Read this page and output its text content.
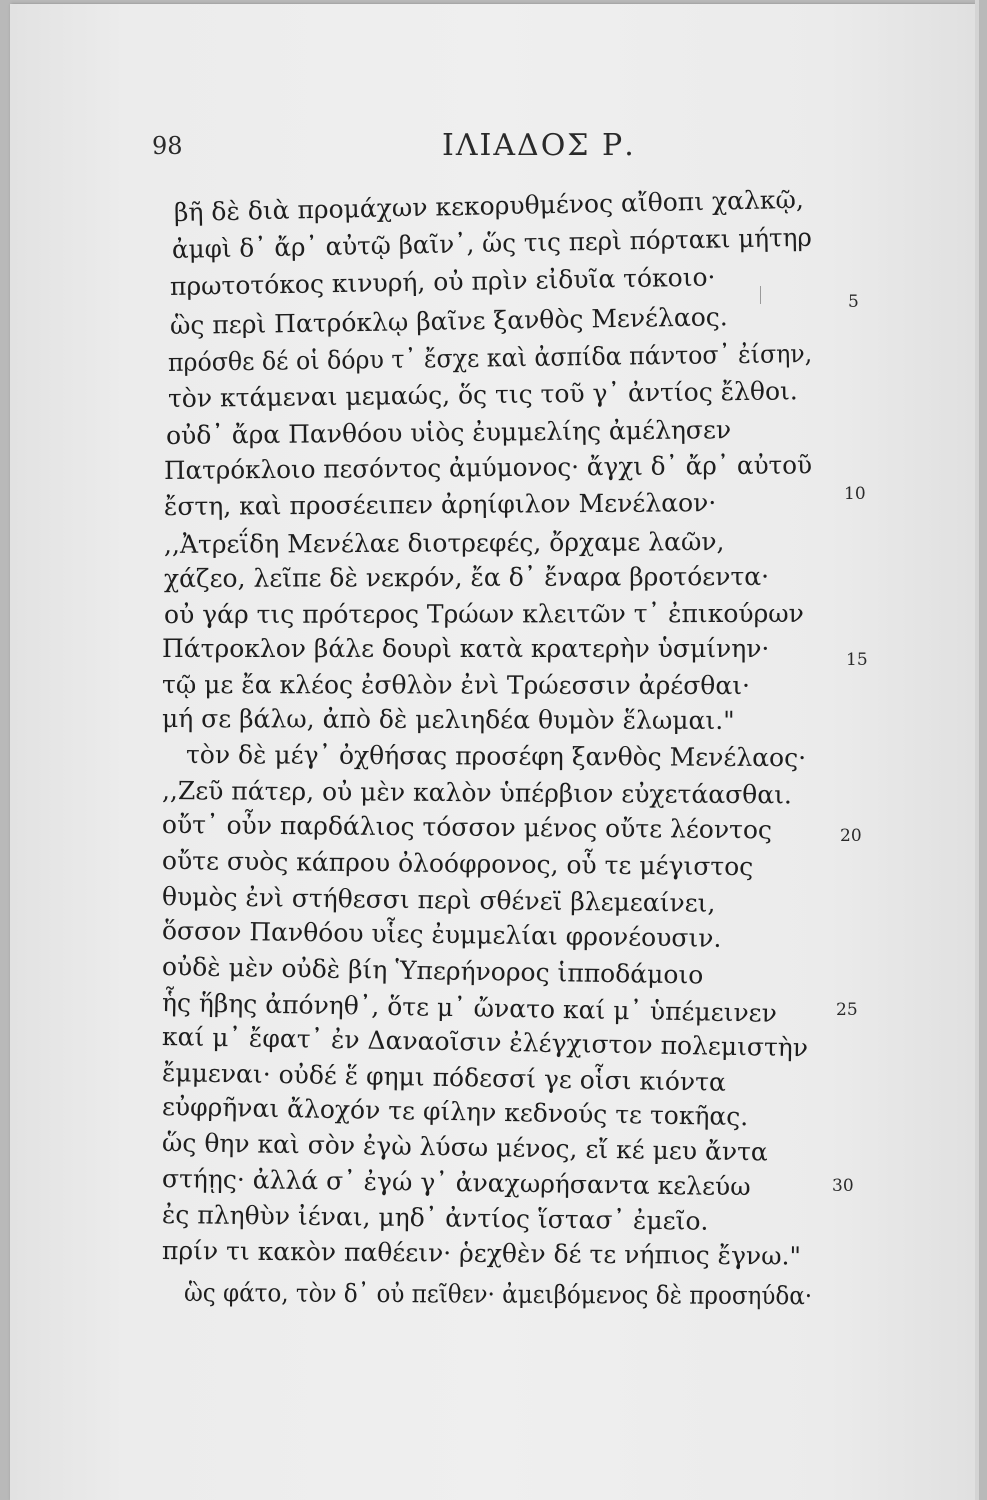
98	ΙΛΙΑΔΟΣ Ρ.
βῆ δὲ διὰ προμάχων κεκορυθμένος αἴθοπι χαλκῷ,
ἀμφὶ δ᾽ ἄρ᾽ αὐτῷ βαῖν᾽, ὥς τις περὶ πόρτακι μήτηρ
πρωτοτόκος κινυρή, οὐ πρὶν εἰδυῖα τόκοιο·
ὣς περὶ Πατρόκλῳ βαῖνε ξανθὸς Μενέλαος.
πρόσθε δέ οἱ δόρυ τ᾽ ἔσχε καὶ ἀσπίδα πάντοσ᾽ ἐίσην,
τὸν κτάμεναι μεμαώς, ὅς τις τοῦ γ᾽ ἀντίος ἔλθοι.
οὐδ᾽ ἄρα Πανθόου υἱὸς ἐυμμελίης ἀμέλησεν
Πατρόκλοιο πεσόντος ἀμύμονος· ἄγχι δ᾽ ἄρ᾽ αὐτοῦ
ἔστη, καὶ προσέειπεν ἀρηίφιλον Μενέλαον·
,,Ἀτρεΐδη Μενέλαε διοτρεφές, ὄρχαμε λαῶν,
χάζεο, λεῖπε δὲ νεκρόν, ἔα δ᾽ ἔναρα βροτόεντα·
οὐ γάρ τις πρότερος Τρώων κλειτῶν τ᾽ ἐπικούρων
Πάτροκλον βάλε δουρὶ κατὰ κρατερὴν ὑσμίνην·
τῷ με ἔα κλέος ἐσθλὸν ἐνὶ Τρώεσσιν ἀρέσθαι·
μή σε βάλω, ἀπὸ δὲ μελιηδέα θυμὸν ἕλωμαι."
τὸν δὲ μέγ᾽ ὀχθήσας προσέφη ξανθὸς Μενέλαος·
,,Ζεῦ πάτερ, οὐ μὲν καλὸν ὑπέρβιον εὐχετάασθαι.
οὔτ᾽ οὖν παρδάλιος τόσσον μένος οὔτε λέοντος
οὔτε συὸς κάπρου ὀλοόφρονος, οὗ τε μέγιστος
θυμὸς ἐνὶ στήθεσσι περὶ σθένεϊ βλεμεαίνει,
ὅσσον Πανθόου υἷες ἐυμμελίαι φρονέουσιν.
οὐδὲ μὲν οὐδὲ βίη Ὑπερήνορος ἱπποδάμοιο
ἧς ἥβης ἀπόνηθ᾽, ὅτε μ᾽ ὤνατο καί μ᾽ ὑπέμεινεν
καί μ᾽ ἔφατ᾽ ἐν Δαναοῖσιν ἐλέγχιστον πολεμιστὴν
ἔμμεναι· οὐδέ ἕ φημι πόδεσσί γε οἷσι κιόντα
εὐφρῆναι ἄλοχόν τε φίλην κεδνούς τε τοκῆας.
ὥς θην καὶ σὸν ἐγὼ λύσω μένος, εἴ κέ μευ ἄντα
στήῃς· ἀλλά σ᾽ ἐγώ γ᾽ ἀναχωρήσαντα κελεύω
ἐς πληθὺν ἰέναι, μηδ᾽ ἀντίος ἵστασ᾽ ἐμεῖο.
πρίν τι κακὸν παθέειν· ῥεχθὲν δέ τε νήπιος ἔγνω."
ὣς φάτο, τὸν δ᾽ οὐ πεῖθεν· ἀμειβόμενος δὲ προσηύδα·
5
10
15
20
25
30
